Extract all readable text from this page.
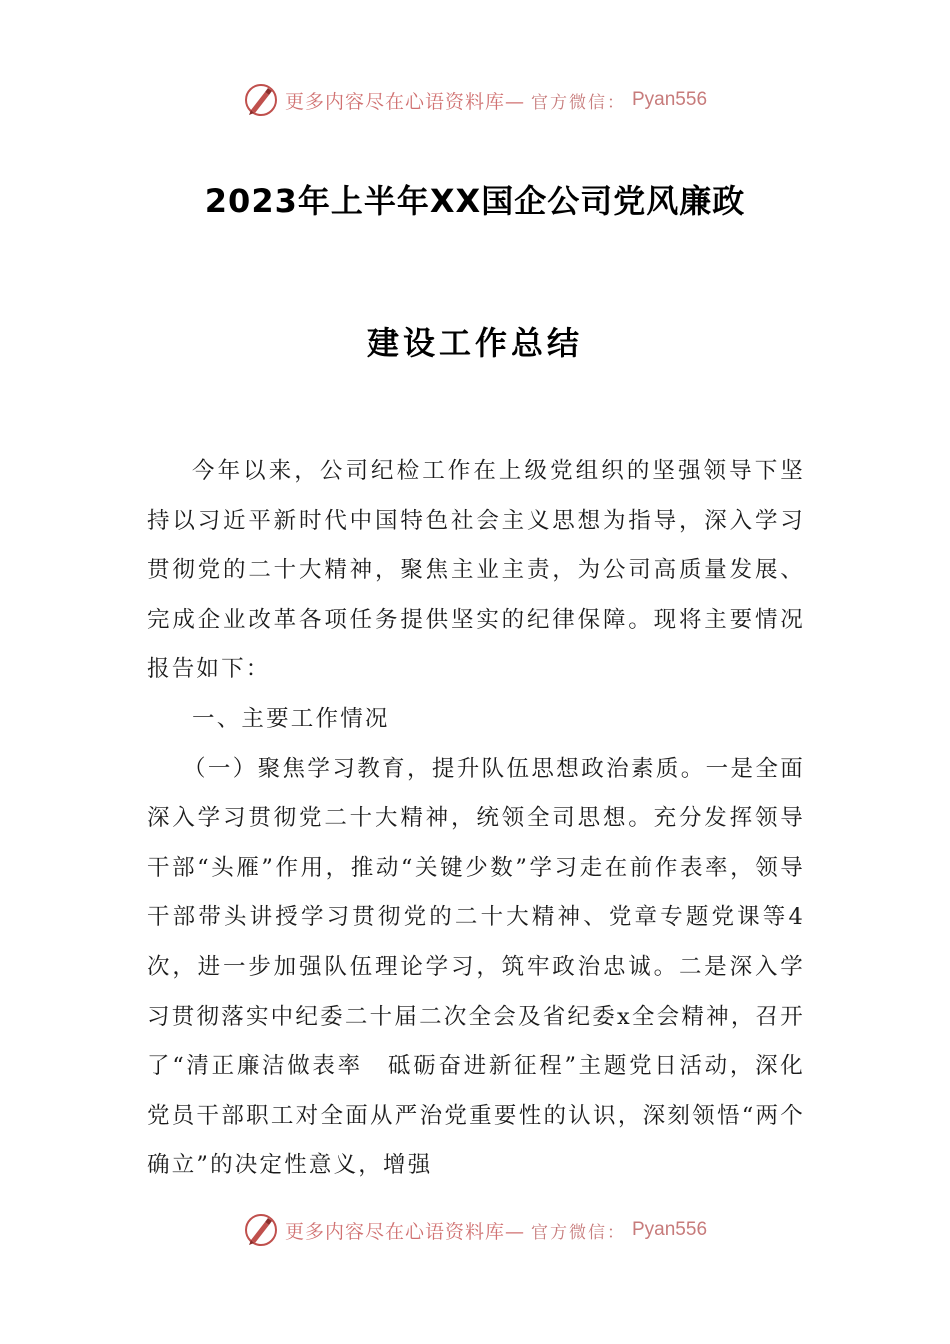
更多内容尽在心语资料库— 官方微信： Pyan556
2023年上半年XX国企公司党风廉政
建设工作总结

今年以来，公司纪检工作在上级党组织的坚强领导下坚持以习近平新时代中国特色社会主义思想为指导，深入学习贯彻党的二十大精神，聚焦主业主责，为公司高质量发展、完成企业改革各项任务提供坚实的纪律保障。现将主要情况报告如下：

一、主要工作情况

（一）聚焦学习教育，提升队伍思想政治素质。一是全面深入学习贯彻党二十大精神，统领全司思想。充分发挥领导干部“头雁”作用，推动“关键少数”学习走在前作表率，领导干部带头讲授学习贯彻党的二十大精神、党章专题党课等4次，进一步加强队伍理论学习，筑牢政治忠诚。二是深入学习贯彻落实中纪委二十届二次全会及省纪委x全会精神，召开了“清正廉洁做表率　砥砺奋进新征程”主题党日活动，深化党员干部职工对全面从严治党重要性的认识，深刻领悟“两个确立”的决定性意义，增强

更多内容尽在心语资料库— 官方微信： Pyan556
